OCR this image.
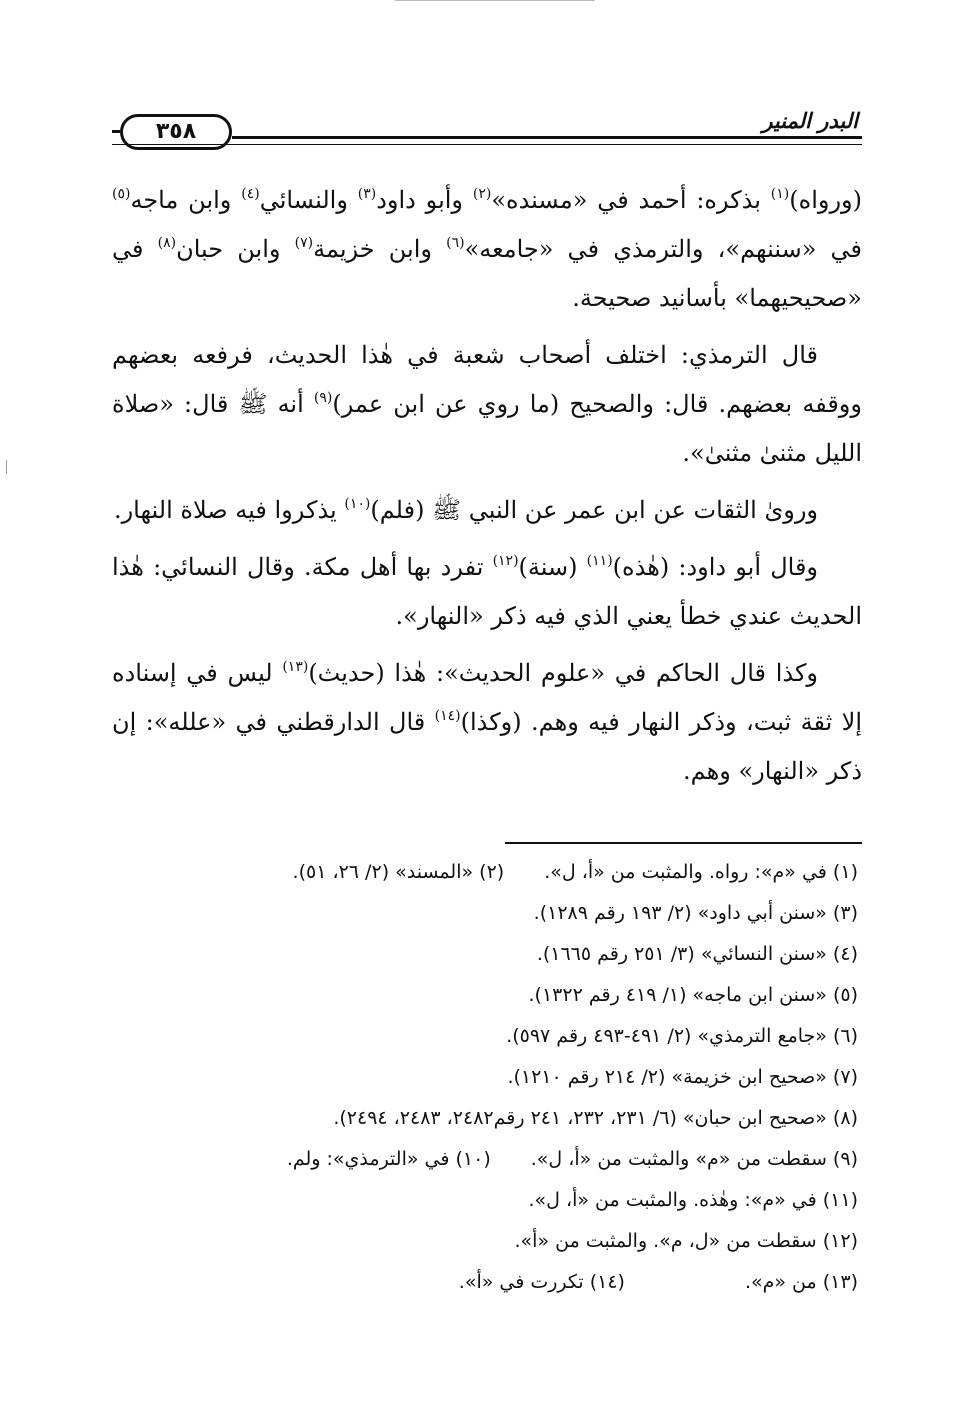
٣٥٨	البدر المنير

(ورواه)$^{(١)}$ بذكره: أحمد في «مسنده»$^{(٢)}$ وأبو داود$^{(٣)}$ والنسائي$^{(٤)}$ وابن ماجه$^{(٥)}$ في «سننهم»، والترمذي في «جامعه»$^{(٦)}$ وابن خزيمة$^{(٧)}$ وابن حبان$^{(٨)}$ في «صحيحيهما» بأسانيد صحيحة.

قال الترمذي: اختلف أصحاب شعبة في هٰذا الحديث، فرفعه بعضهم ووقفه بعضهم. قال: والصحيح (ما روي عن ابن عمر)$^{(٩)}$ أنه ﷺ قال: «صلاة الليل مثنىٰ مثنىٰ».

ورویٰ الثقات عن ابن عمر عن النبي ﷺ (فلم)$^{(١٠)}$ يذكروا فيه صلاة النهار.

وقال أبو داود: (هٰذه)$^{(١١)}$ (سنة)$^{(١٢)}$ تفرد بها أهل مكة. وقال النسائي: هٰذا الحديث عندي خطأ يعني الذي فيه ذكر «النهار».

وكذا قال الحاكم في «علوم الحديث»: هٰذا (حديث)$^{(١٣)}$ ليس في إسناده إلا ثقة ثبت، وذكر النهار فيه وهم. (وكذا)$^{(١٤)}$ قال الدارقطني في «علله»: إن ذكر «النهار» وهم.

(١) في «م»: رواه. والمثبت من «أ، ل».(٢) «المسند» (٢/ ٢٦، ٥١).
(٣) «سنن أبي داود» (٢/ ١٩٣ رقم ١٢٨٩).
(٤) «سنن النسائي» (٣/ ٢٥١ رقم ١٦٦٥).
(٥) «سنن ابن ماجه» (١/ ٤١٩ رقم ١٣٢٢).
(٦) «جامع الترمذي» (٢/ ٤٩١-٤٩٣ رقم ٥٩٧).
(٧) «صحيح ابن خزيمة» (٢/ ٢١٤ رقم ١٢١٠).
(٨) «صحيح ابن حبان» (٦/ ٢٣١، ٢٣٢، ٢٤١ رقم٢٤٨٢، ٢٤٨٣، ٢٤٩٤).
(٩) سقطت من «م» والمثبت من «أ، ل».(١٠) في «الترمذي»: ولم.
(١١) في «م»: وهٰذه. والمثبت من «أ، ل».
(١٢) سقطت من «ل، م». والمثبت من «أ».
(١٣) من «م».(١٤) تكررت في «أ».
